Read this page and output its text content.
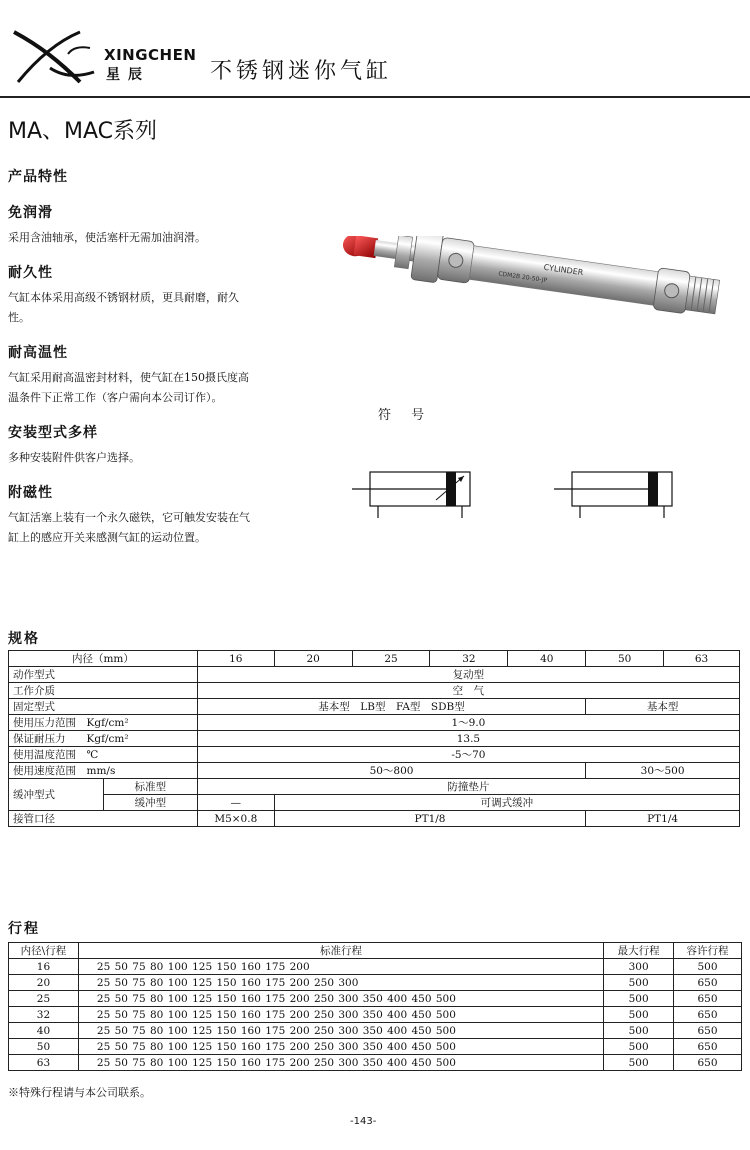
XINGCHEN
星辰	不锈钢迷你气缸
MA、MAC系列
产品特性
免润滑

采用含油轴承，使活塞杆无需加油润滑。

耐久性

气缸本体采用高级不锈钢材质，更具耐磨，耐久性。

耐高温性

气缸采用耐高温密封材料，使气缸在150摄氏度高温条件下正常工作（客户需向本公司订作）。

安装型式多样

多种安装附件供客户选择。

附磁性

气缸活塞上装有一个永久磁铁，它可触发安装在气缸上的感应开关来感测气缸的运动位置。

CYLINDER
CDM2B 20-50-JP
符 号
规格
内径（mm）		16	20	25	32	40	50	63
动作型式		复动型						
工作介质		空　气						
固定型式		基本型　LB型　FA型　SDB型					基本型	
使用压力范围　Kgf/cm²		1～9.0						
保证耐压力　　Kgf/cm²		13.5						
使用温度范围　℃		-5～70						
使用速度范围　mm/s		50～800					30～500	
缓冲型式	标准型	防撞垫片						
	缓冲型	—	可调式缓冲					
接管口径		M5×0.8	PT1/8				PT1/4	
行程
内径\行程	标准行程	最大行程	容许行程
16	25 50 75 80 100 125 150 160 175 200	300	500
20	25 50 75 80 100 125 150 160 175 200 250 300	500	650
25	25 50 75 80 100 125 150 160 175 200 250 300 350 400 450 500	500	650
32	25 50 75 80 100 125 150 160 175 200 250 300 350 400 450 500	500	650
40	25 50 75 80 100 125 150 160 175 200 250 300 350 400 450 500	500	650
50	25 50 75 80 100 125 150 160 175 200 250 300 350 400 450 500	500	650
63	25 50 75 80 100 125 150 160 175 200 250 300 350 400 450 500	500	650
※特殊行程请与本公司联系。
-143-
